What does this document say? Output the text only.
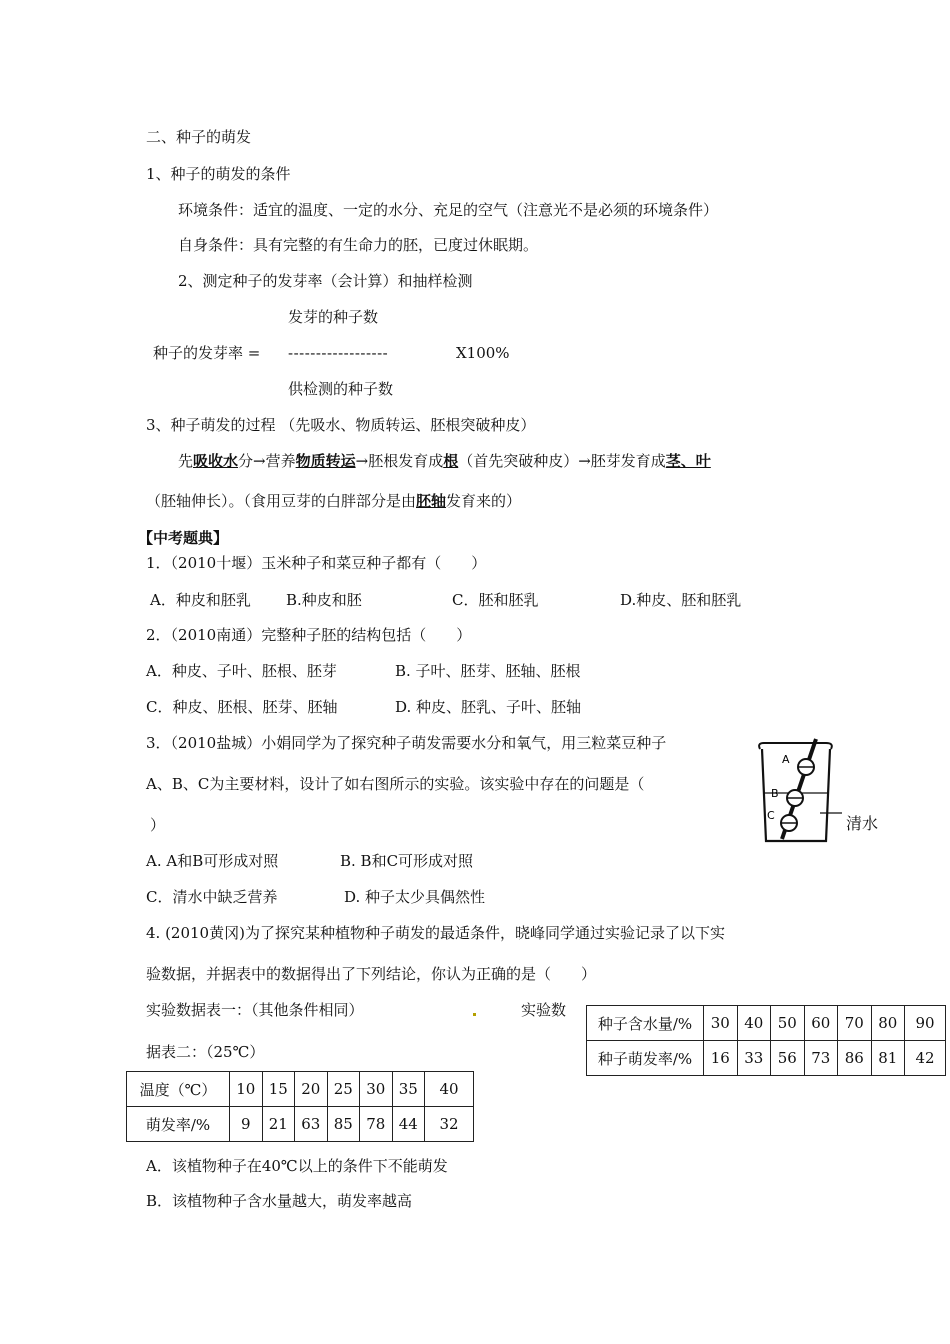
二、种子的萌发
1、种子的萌发的条件
环境条件：适宜的温度、一定的水分、充足的空气（注意光不是必须的环境条件）
自身条件：具有完整的有生命力的胚，已度过休眠期。
2、测定种子的发芽率（会计算）和抽样检测
发芽的种子数
种子的发芽率 = ------------------	X100%
供检测的种子数
3、种子萌发的过程 （先吸水、物质转运、胚根突破种皮）
先吸收水分→营养物质转运→胚根发育成根（首先突破种皮）→胚芽发育成茎、叶
（胚轴伸长）。（食用豆芽的白胖部分是由胚轴发育来的）
【中考题典】
1．（2010十堰）玉米种子和菜豆种子都有（　　）
A．种皮和胚乳 B.种皮和胚	C．胚和胚乳	D.种皮、胚和胚乳
2．（2010南通）完整种子胚的结构包括（　　）
A．种皮、子叶、胚根、胚芽	B. 子叶、胚芽、胚轴、胚根
C．种皮、胚根、胚芽、胚轴	D. 种皮、胚乳、子叶、胚轴
3．（2010盐城）小娟同学为了探究种子萌发需要水分和氧气，用三粒菜豆种子
A、B、C为主要材料，设计了如右图所示的实验。该实验中存在的问题是（
）
A. A和B可形成对照	B. B和C可形成对照
C．清水中缺乏营养	D. 种子太少具偶然性
A
B
C	清水
4. (2010黄冈)为了探究某种植物种子萌发的最适条件，晓峰同学通过实验记录了以下实
验数据，并据表中的数据得出了下列结论，你认为正确的是（　　）
实验数据表一：（其他条件相同）	实验数
据表二：（25℃）
种子含水量/%	30	40	50	60	70	80	90
种子萌发率/%	16	33	56	73	86	81	42
温度（℃）	10	15	20	25	30	35	40
萌发率/%	9	21	63	85	78	44	32
A．该植物种子在40℃以上的条件下不能萌发
B．该植物种子含水量越大，萌发率越高
